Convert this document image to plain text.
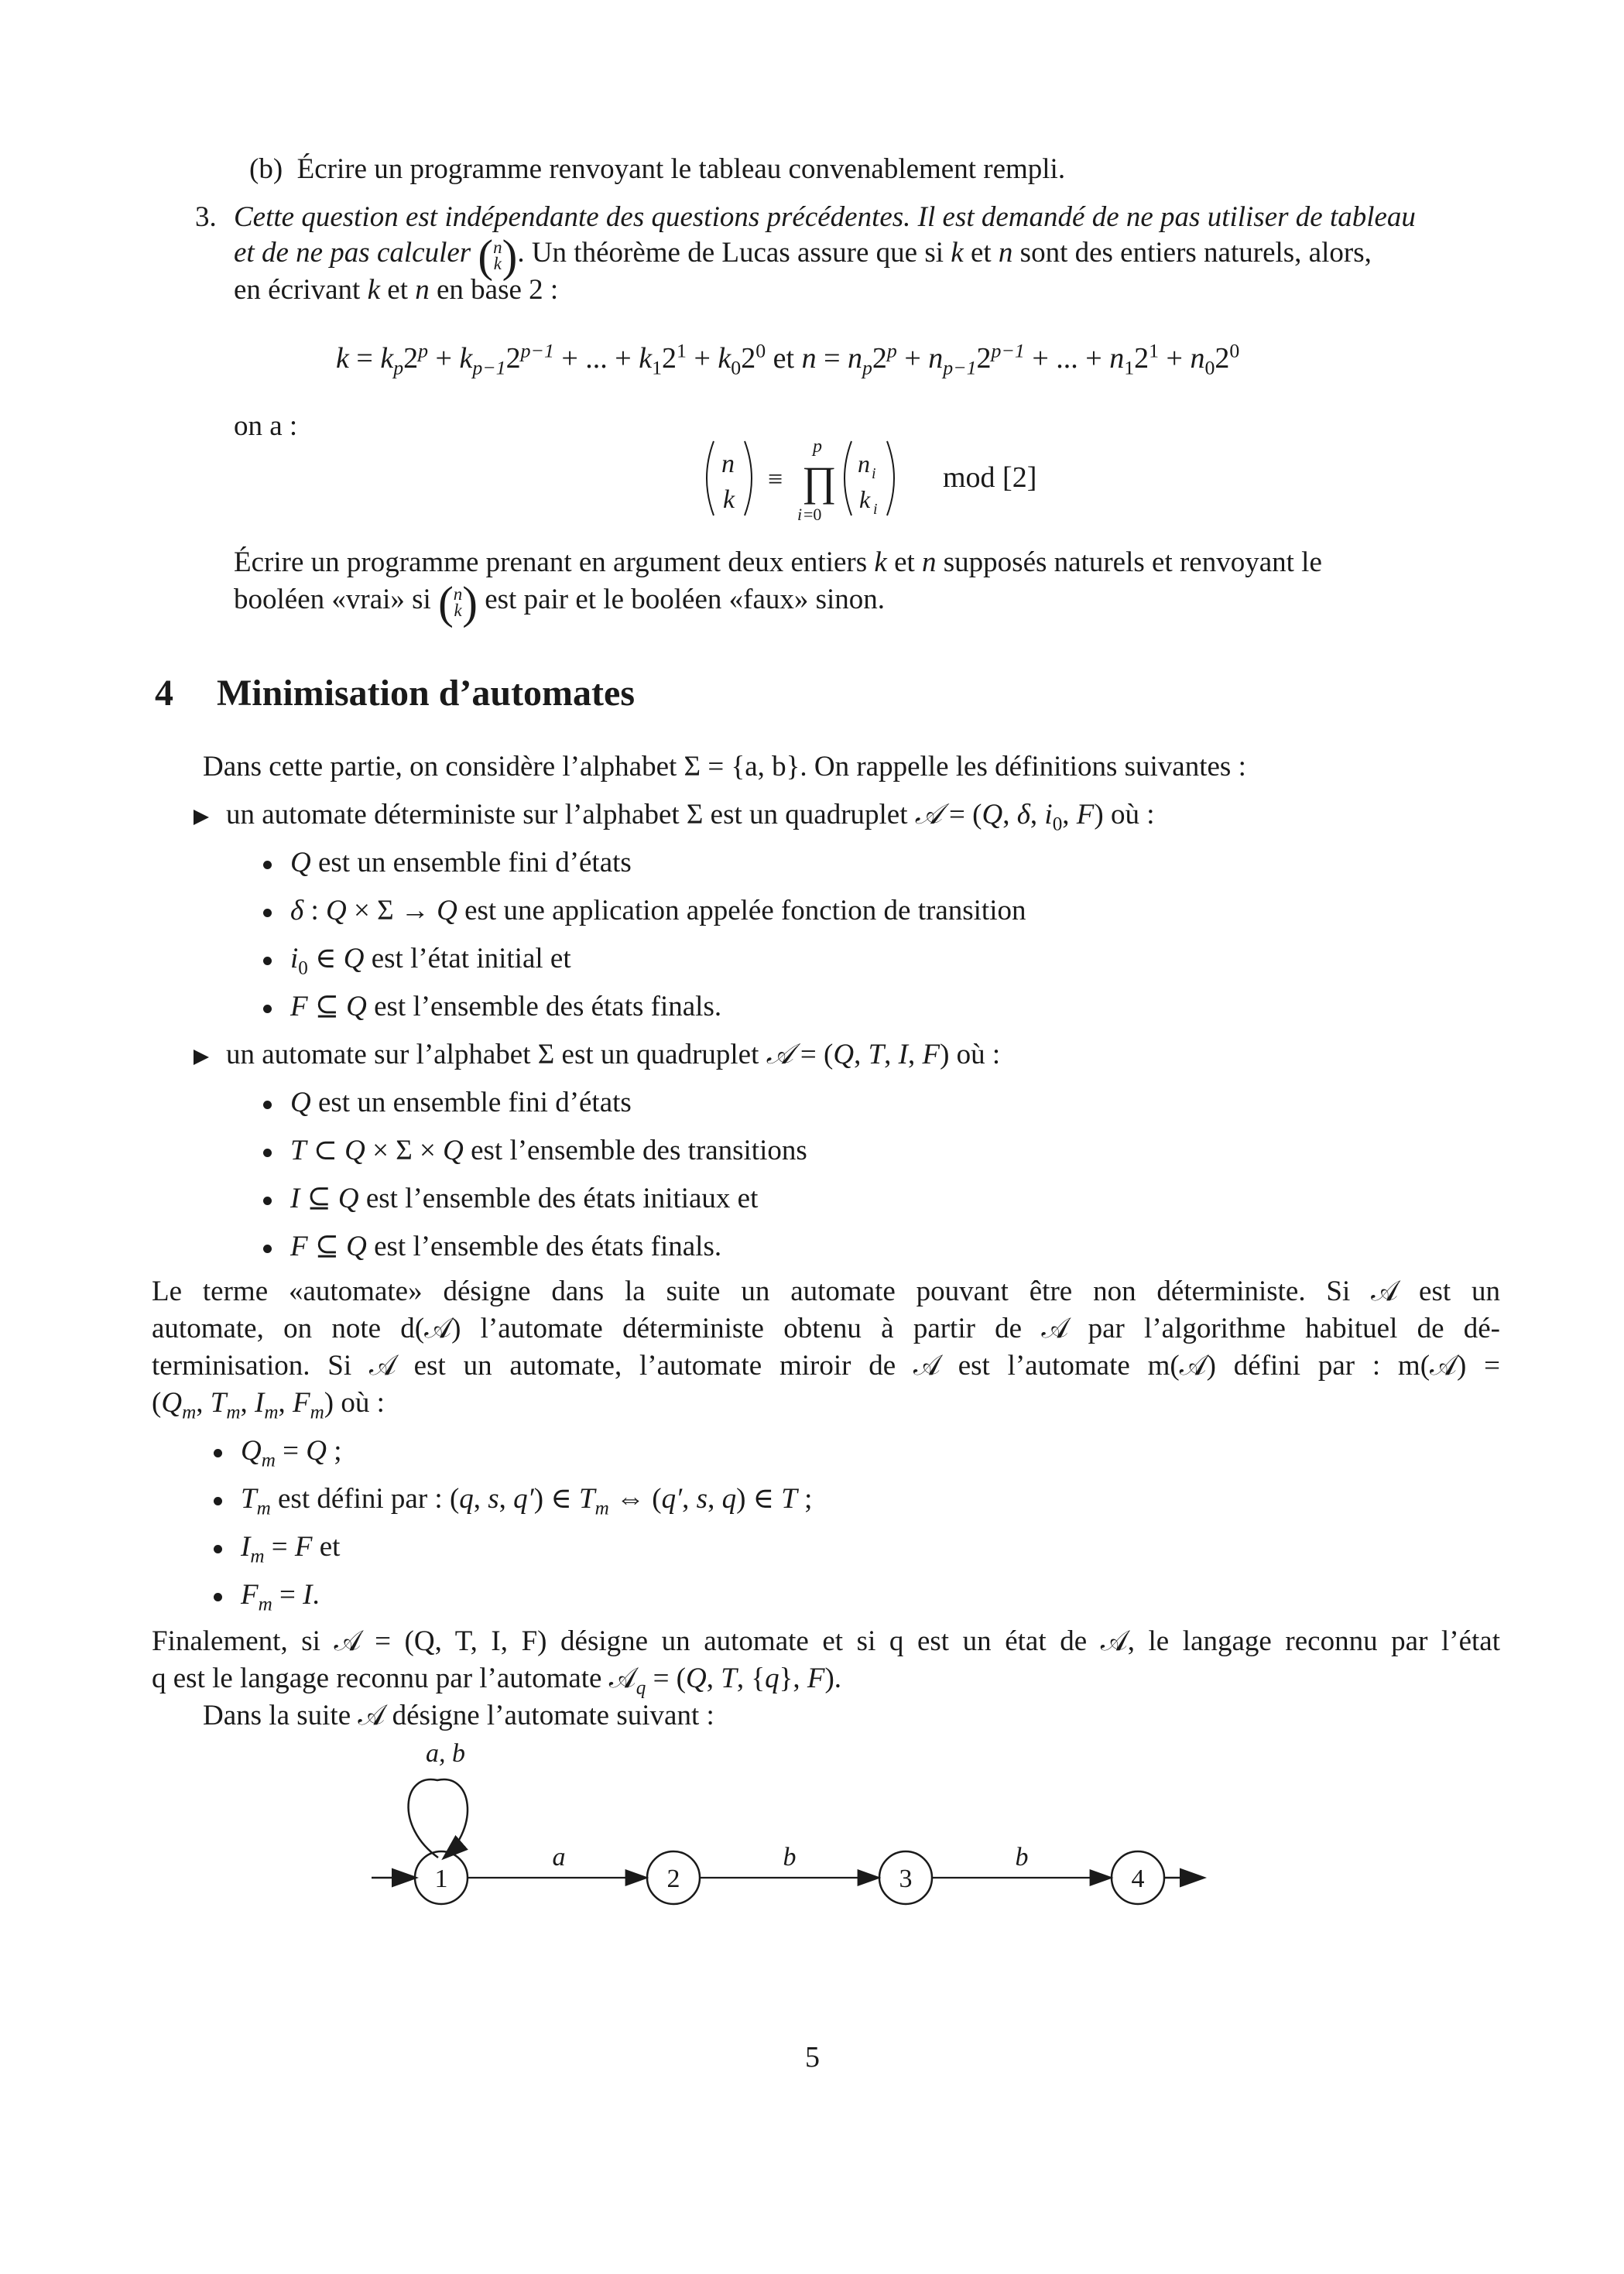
(b) Écrire un programme renvoyant le tableau convenablement rempli.
3. Cette question est indépendante des questions précédentes. Il est demandé de ne pas utiliser de tableau
et de ne pas calculer ( n
k ). Un théorème de Lucas assure que si k et n sont des entiers naturels, alors,
en écrivant k et n en base 2 :
$k = k_p2^p + k_{p-1}2^{p-1}$ + ... + $k_12^1 + k_02^0$ et $n = n_p2^p + n_{p-1}2^{p-1}$ + ... + $n_12^1 + n_02^0$
on a :
n
k
≡
p
∏
i =0
n i
k i
mod [2]
Écrire un programme prenant en argument deux entiers k et n supposés naturels et renvoyant le
booléen «vrai» si ( n
k ) est pair et le booléen «faux» sinon.
4 Minimisation d’automates
Dans cette partie, on considère l’alphabet Σ = {a, b}. On rappelle les définitions suivantes :
un automate déterministe sur l’alphabet Σ est un quadruplet 𝒜 = (Q, δ, $i_0$, F) où :
Q est un ensemble fini d’états
δ : Q × Σ → Q est une application appelée fonction de transition
$i_0$ ∈ Q est l’état initial et
F ⊆ Q est l’ensemble des états finals.
un automate sur l’alphabet Σ est un quadruplet 𝒜 = (Q, T, I, F) où :
Q est un ensemble fini d’états
T ⊂ Q × Σ × Q est l’ensemble des transitions
I ⊆ Q est l’ensemble des états initiaux et
F ⊆ Q est l’ensemble des états finals.
Le terme «automate» désigne dans la suite un automate pouvant être non déterministe. Si 𝒜 est un
automate, on note d(𝒜) l’automate déterministe obtenu à partir de 𝒜 par l’algorithme habituel de dé-
terminisation. Si 𝒜 est un automate, l’automate miroir de 𝒜 est l’automate m(𝒜) défini par : m(𝒜) =
($Q_m$, $T_m$, $I_m$, $F_m$) où :
$Q_m = Q$ ;
$T_m$ est défini par : (q, s, q′) ∈ $T_m$ ⇔ (q′, s, q) ∈ T ;
$I_m = F$ et
$F_m = I$.
Finalement, si 𝒜 = (Q, T, I, F) désigne un automate et si q est un état de 𝒜, le langage reconnu par l’état
q est le langage reconnu par l’automate 𝒜$_q$ = (Q, T, {q}, F).
Dans la suite 𝒜 désigne l’automate suivant :
a, b
1	2	3	4
a	b	b
5
